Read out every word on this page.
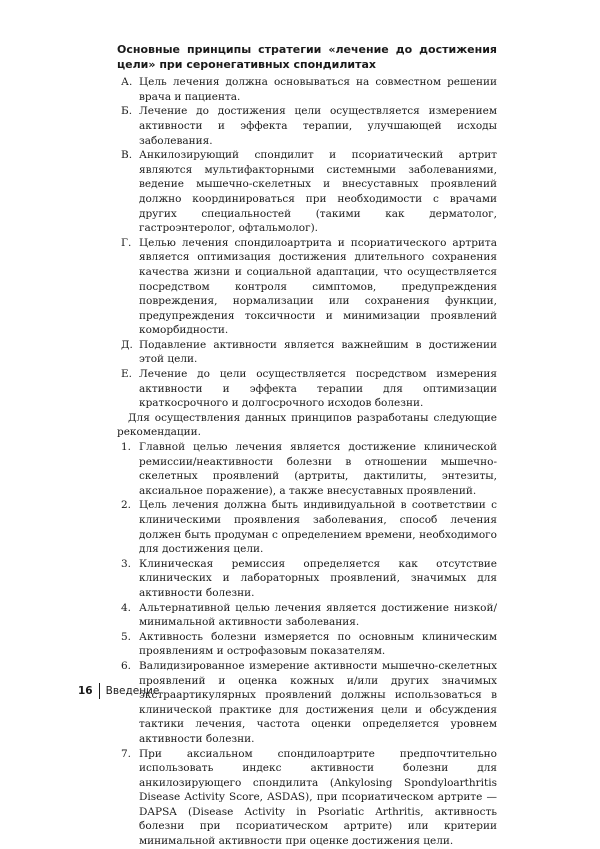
Основные принципы стратегии «лечение до достижения цели» при серонегативных спондилитах

А. Цель лечения должна основываться на совместном решении врача и пациента.
Б. Лечение до достижения цели осуществляется измерением активности и эффекта терапии, улучшающей исходы заболевания.
В. Анкилозирующий спондилит и псориатический артрит являются мультифакторными системными заболеваниями, ведение мышечно-скелетных и внесуставных проявлений должно координироваться при необходимости с врачами других специальностей (такими как дерматолог, гастроэнтеролог, офтальмолог).
Г. Целью лечения спондилоартрита и псориатического артрита является оптимизация достижения длительного сохранения качества жизни и социальной адаптации, что осуществляется посредством контроля симптомов, предупреждения повреждения, нормализации или сохранения функции, предупреждения токсичности и минимизации проявлений коморбидности.
Д. Подавление активности является важнейшим в достижении этой цели.
Е. Лечение до цели осуществляется посредством измерения активности и эффекта терапии для оптимизации краткосрочного и долгосрочного исходов болезни.

Для осуществления данных принципов разработаны следующие рекомендации.

1. Главной целью лечения является достижение клинической ремиссии/неактивности болезни в отношении мышечно-скелетных проявлений (артриты, дактилиты, энтезиты, аксиальное поражение), а также внесуставных проявлений.
2. Цель лечения должна быть индивидуальной в соответствии с клиническими проявления заболевания, способ лечения должен быть продуман с определением времени, необходимого для достижения цели.
3. Клиническая ремиссия определяется как отсутствие клинических и лабораторных проявлений, значимых для активности болезни.
4. Альтернативной целью лечения является достижение низкой/минимальной активности заболевания.
5. Активность болезни измеряется по основным клиническим проявлениям и острофазовым показателям.
6. Валидизированное измерение активности мышечно-скелетных проявлений и оценка кожных и/или других значимых экстраартикулярных проявлений должны использоваться в клинической практике для достижения цели и обсуждения тактики лечения, частота оценки определяется уровнем активности болезни.
7. При аксиальном спондилоартрите предпочтительно использовать индекс активности болезни для анкилозирующего спондилита (Ankylosing Spondyloarthritis Disease Activity Score, ASDAS), при псориатическом артрите — DAPSA (Disease Activity in Psoriatic Arthritis, активность болезни при псориатическом артрите) или критерии минимальной активности при оценке достижения цели.
16	Введение
